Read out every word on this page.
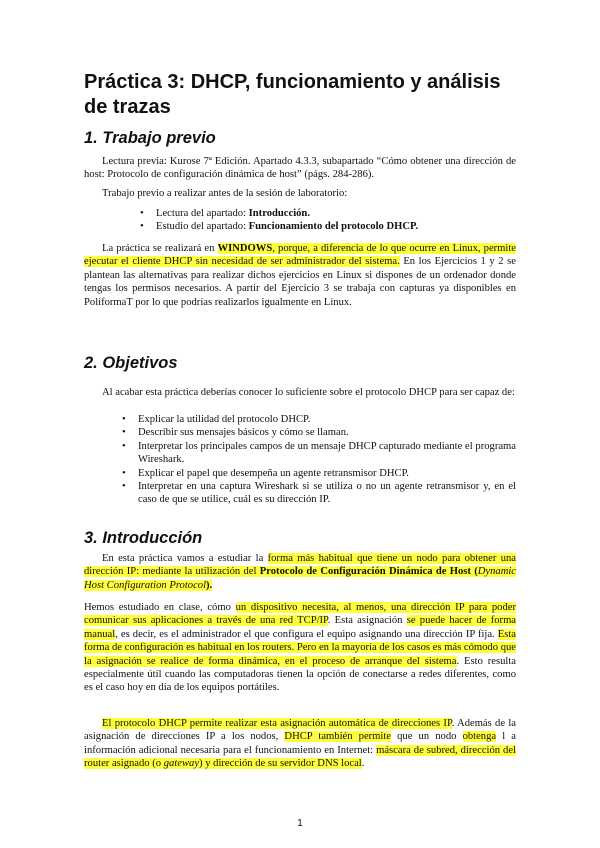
Práctica 3: DHCP, funcionamiento y análisis de trazas
1. Trabajo previo
Lectura previa: Kurose 7ª Edición. Apartado 4.3.3, subapartado “Cómo obtener una dirección de host: Protocolo de configuración dinámica de host” (págs. 284-286).
Trabajo previo a realizar antes de la sesión de laboratorio:
• Lectura del apartado: Introducción.
• Estudio del apartado: Funcionamiento del protocolo DHCP.
La práctica se realizará en WINDOWS, porque, a diferencia de lo que ocurre en Linux, permite ejecutar el cliente DHCP sin necesidad de ser administrador del sistema. En los Ejercicios 1 y 2 se plantean las alternativas para realizar dichos ejercicios en Linux si dispones de un ordenador donde tengas los permisos necesarios. A partir del Ejercicio 3 se trabaja con capturas ya disponibles en PoliformaT por lo que podrías realizarlos igualmente en Linux.
2. Objetivos
Al acabar esta práctica deberías conocer lo suficiente sobre el protocolo DHCP para ser capaz de:
• Explicar la utilidad del protocolo DHCP.
• Describir sus mensajes básicos y cómo se llaman.
• Interpretar los principales campos de un mensaje DHCP capturado mediante el programa Wireshark.
• Explicar el papel que desempeña un agente retransmisor DHCP.
• Interpretar en una captura Wireshark si se utiliza o no un agente retransmisor y, en el caso de que se utilice, cuál es su dirección IP.
3. Introducción
En esta práctica vamos a estudiar la forma más habitual que tiene un nodo para obtener una dirección IP: mediante la utilización del Protocolo de Configuración Dinámica de Host (Dynamic Host Configuration Protocol).
Hemos estudiado en clase, cómo un dispositivo necesita, al menos, una dirección IP para poder comunicar sus aplicaciones a través de una red TCP/IP. Esta asignación se puede hacer de forma manual, es decir, es el administrador el que configura el equipo asignando una dirección IP fija. Esta forma de configuración es habitual en los routers. Pero en la mayoría de los casos es más cómodo que la asignación se realice de forma dinámica, en el proceso de arranque del sistema. Esto resulta especialmente útil cuando las computadoras tienen la opción de conectarse a redes diferentes, como es el caso hoy en día de los equipos portátiles.
El protocolo DHCP permite realizar esta asignación automática de direcciones IP. Además de la asignación de direcciones IP a los nodos, DHCP también permite que un nodo obtenga l a información adicional necesaria para el funcionamiento en Internet: máscara de subred, dirección del router asignado (o gateway) y dirección de su servidor DNS local.
1
